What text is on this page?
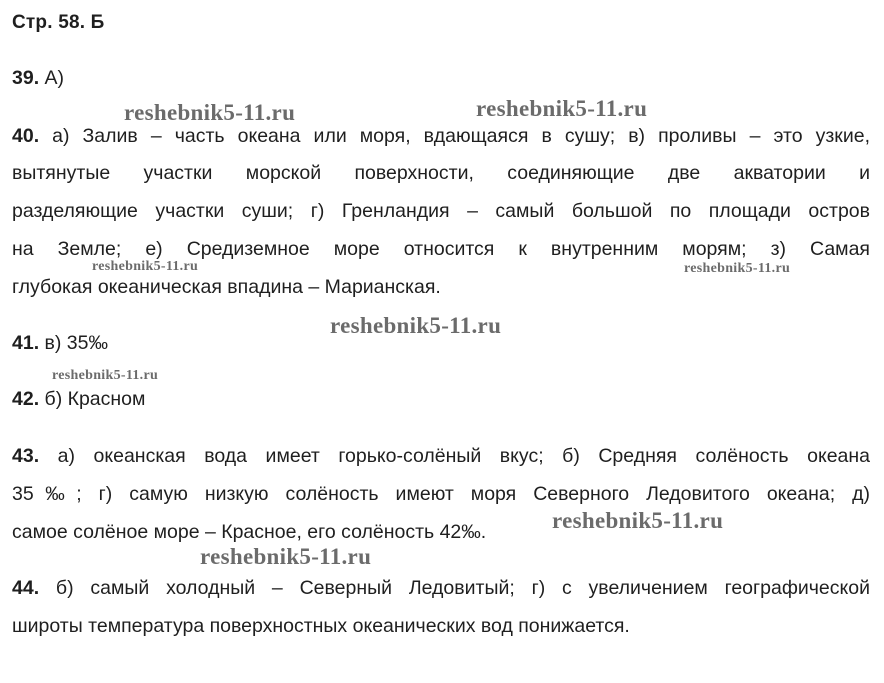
Стр. 58. Б
39. А)
40. а) Залив – часть океана или моря, вдающаяся в сушу; в) проливы – это узкие,
вытянутые участки морской поверхности, соединяющие две акватории и
разделяющие участки суши; г) Гренландия – самый большой по площади остров
на Земле; е) Средиземное море относится к внутренним морям; з) Самая
глубокая океаническая впадина – Марианская.
41. в) 35‰
42. б) Красном
43. а) океанская вода имеет горько-солёный вкус; б) Средняя солёность океана
35‰; г) самую низкую солёность имеют моря Северного Ледовитого океана; д)
самое солёное море – Красное, его солёность 42‰.
44. б) самый холодный – Северный Ледовитый; г) с увеличением географической
широты температура поверхностных океанических вод понижается.
reshebnik5-11.ru	reshebnik5-11.ru
reshebnik5-11.ru	reshebnik5-11.ru
reshebnik5-11.ru
reshebnik5-11.ru
reshebnik5-11.ru
reshebnik5-11.ru
